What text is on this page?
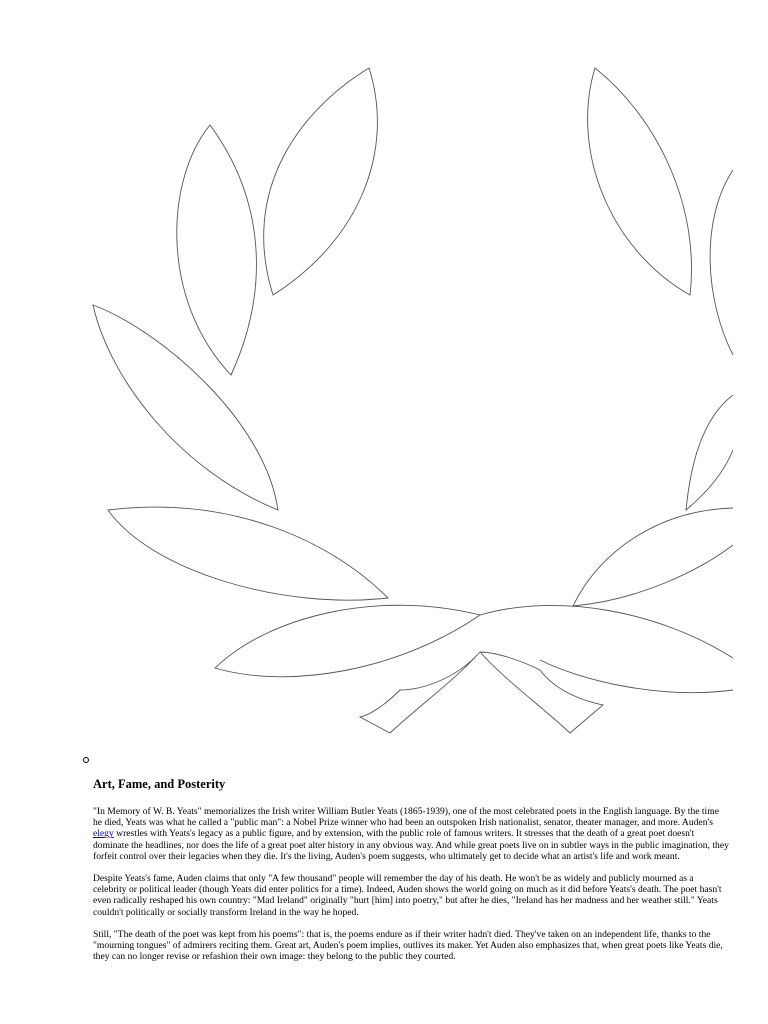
Art, Fame, and Posterity

"In Memory of W. B. Yeats" memorializes the Irish writer William Butler Yeats (1865-1939), one of the most celebrated poets in the English language. By the time he died, Yeats was what he called a "public man": a Nobel Prize winner who had been an outspoken Irish nationalist, senator, theater manager, and more. Auden's elegy wrestles with Yeats's legacy as a public figure, and by extension, with the public role of famous writers. It stresses that the death of a great poet doesn't dominate the headlines, nor does the life of a great poet alter history in any obvious way. And while great poets live on in subtler ways in the public imagination, they forfeit control over their legacies when they die. It's the living, Auden's poem suggests, who ultimately get to decide what an artist's life and work meant.

Despite Yeats's fame, Auden claims that only "A few thousand" people will remember the day of his death. He won't be as widely and publicly mourned as a celebrity or political leader (though Yeats did enter politics for a time). Indeed, Auden shows the world going on much as it did before Yeats's death. The poet hasn't even radically reshaped his own country: "Mad Ireland" originally "hurt [him] into poetry," but after he dies, "Ireland has her madness and her weather still." Yeats couldn't politically or socially transform Ireland in the way he hoped.

Still, "The death of the poet was kept from his poems": that is, the poems endure as if their writer hadn't died. They've taken on an independent life, thanks to the "mourning tongues" of admirers reciting them. Great art, Auden's poem implies, outlives its maker. Yet Auden also emphasizes that, when great poets like Yeats die, they can no longer revise or refashion their own image: they belong to the public they courted.
